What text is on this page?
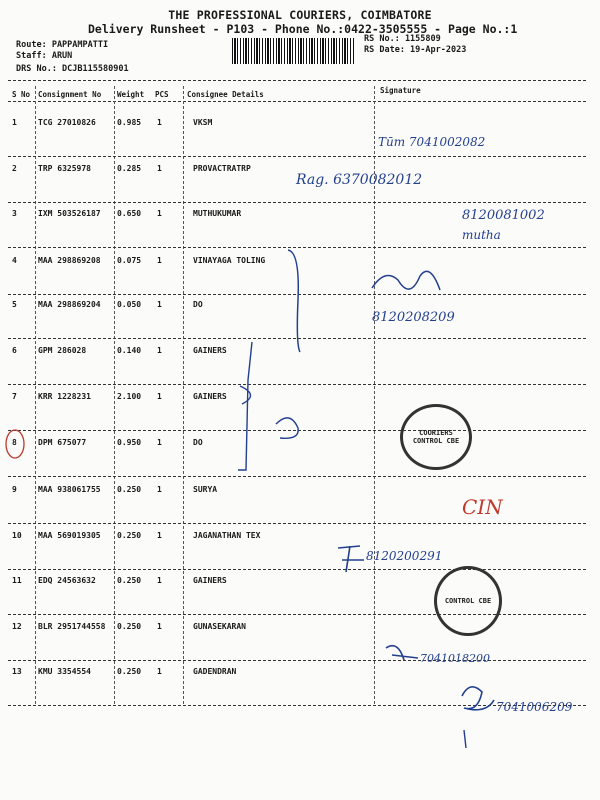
THE PROFESSIONAL COURIERS, COIMBATORE
Delivery Runsheet - P103 - Phone No.:0422-3505555 - Page No.:1
Route: PAPPAMPATTI
Staff: ARUN
DRS No.: DCJB115580901
RS No.: 1155809
RS Date: 19-Apr-2023
S No Consignment No Weight PCS Consignee Details	Signature
1	TCG 27010826	0.985 1	VKSM
2	TRP 6325978	0.285 1	PROVACTRATRP
3	IXM 503526187 0.650 1	MUTHUKUMAR
4	MAA 298869208 0.075 1	VINAYAGA TOLING
5	MAA 298869204 0.050 1	DO
6	GPM 286028	0.140 1	GAINERS
7	KRR 1228231	2.100 1	GAINERS
8	DPM 675077	0.950 1	DO
9	MAA 938061755 0.250 1	SURYA
10 MAA 569019305 0.250 1	JAGANATHAN TEX
11 EDQ 24563632	0.250 1	GAINERS
12 BLR 2951744558 0.250 1	GUNASEKARAN
13 KMU 3354554	0.250 1	GADENDRAN
Tūm 7041002082
Rag. 6370082012
8120081002
mutha
8120208209
CIN
8120200291
7041018200
7041006209
COURIERS CONTROL CBE
CONTROL CBE
